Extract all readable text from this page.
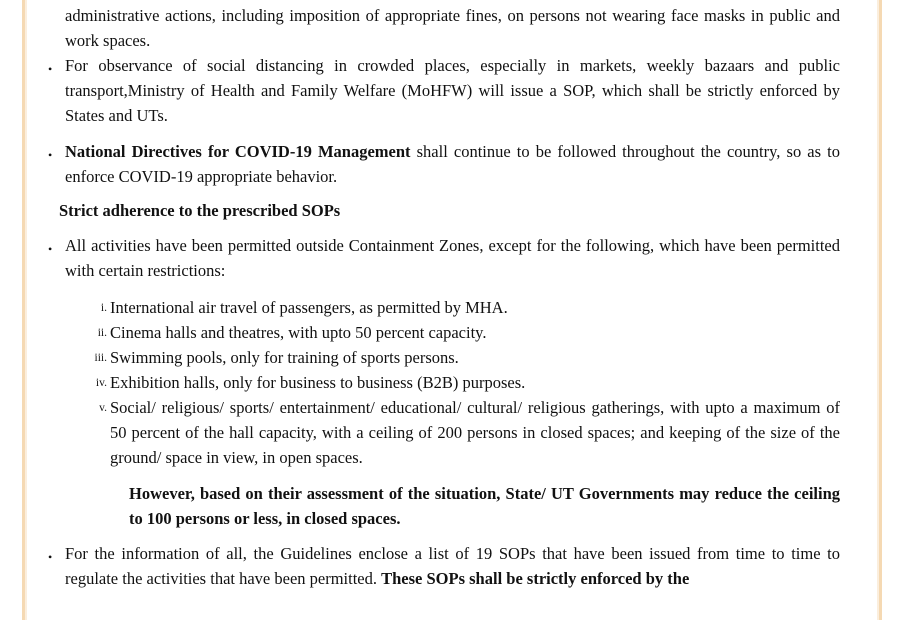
administrative actions, including imposition of appropriate fines, on persons not wearing face masks in public and work spaces.
• For observance of social distancing in crowded places, especially in markets, weekly bazaars and public transport,Ministry of Health and Family Welfare (MoHFW) will issue a SOP, which shall be strictly enforced by States and UTs.
• National Directives for COVID-19 Management shall continue to be followed throughout the country, so as to enforce COVID-19 appropriate behavior.
Strict adherence to the prescribed SOPs
• All activities have been permitted outside Containment Zones, except for the following, which have been permitted with certain restrictions:
i. International air travel of passengers, as permitted by MHA.
ii. Cinema halls and theatres, with upto 50 percent capacity.
iii. Swimming pools, only for training of sports persons.
iv. Exhibition halls, only for business to business (B2B) purposes.
v. Social/ religious/ sports/ entertainment/ educational/ cultural/ religious gatherings, with upto a maximum of 50 percent of the hall capacity, with a ceiling of 200 persons in closed spaces; and keeping of the size of the ground/ space in view, in open spaces.
However, based on their assessment of the situation, State/ UT Governments may reduce the ceiling to 100 persons or less, in closed spaces.
• For the information of all, the Guidelines enclose a list of 19 SOPs that have been issued from time to time to regulate the activities that have been permitted. These SOPs shall be strictly enforced by the
